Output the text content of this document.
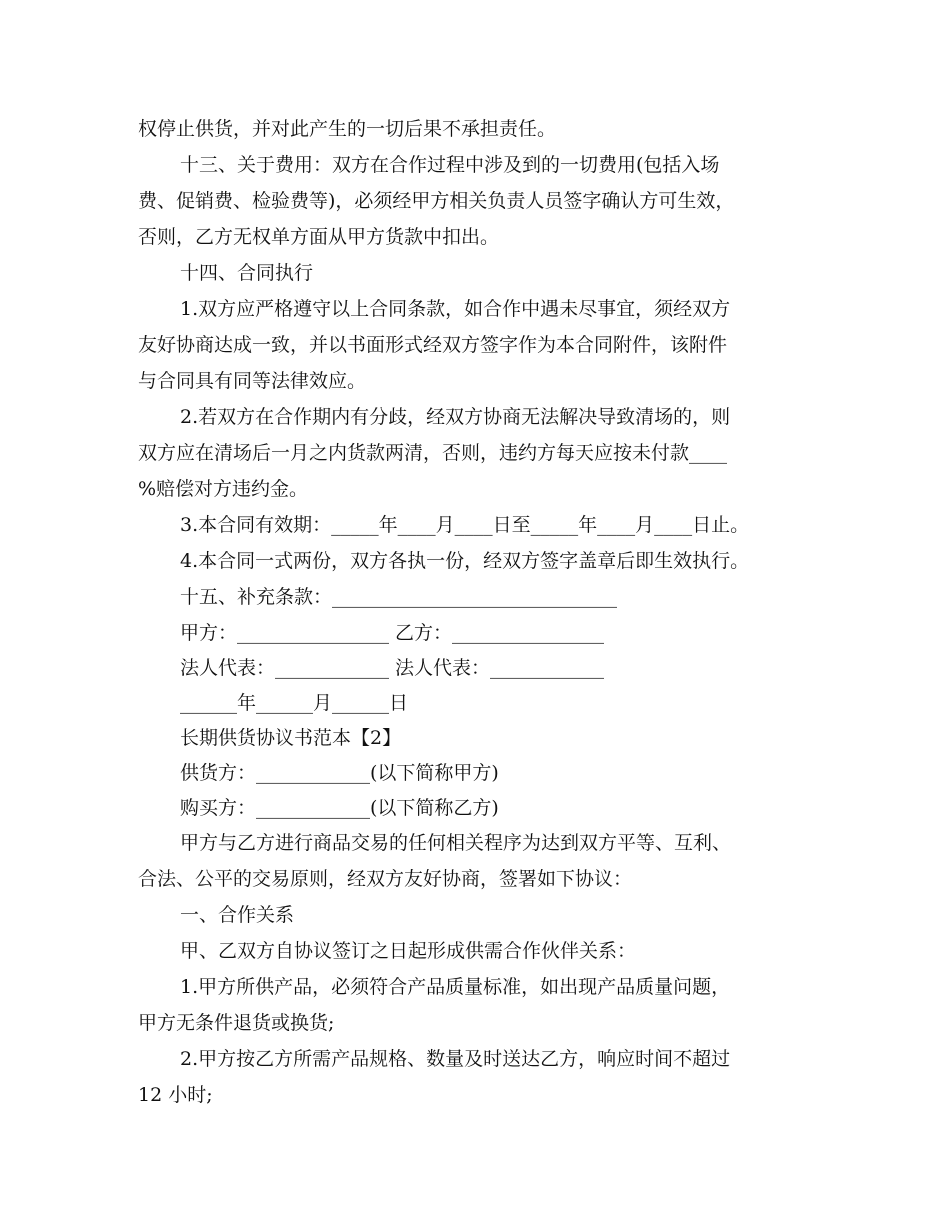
权停止供货，并对此产生的一切后果不承担责任。
十三、关于费用：双方在合作过程中涉及到的一切费用(包括入场
费、促销费、检验费等)，必须经甲方相关负责人员签字确认方可生效，
否则，乙方无权单方面从甲方货款中扣出。
十四、合同执行
1.双方应严格遵守以上合同条款，如合作中遇未尽事宜，须经双方
友好协商达成一致，并以书面形式经双方签字作为本合同附件，该附件
与合同具有同等法律效应。
2.若双方在合作期内有分歧，经双方协商无法解决导致清场的，则
双方应在清场后一月之内货款两清，否则，违约方每天应按未付款____
%赔偿对方违约金。
3.本合同有效期：_____年____月____日至_____年____月____日止。
4.本合同一式两份，双方各执一份，经双方签字盖章后即生效执行。
十五、补充条款：______________________________
甲方：________________ 乙方：________________
法人代表：____________ 法人代表：____________
______年______月______日
长期供货协议书范本【2】
供货方：____________(以下简称甲方)
购买方：____________(以下简称乙方)
甲方与乙方进行商品交易的任何相关程序为达到双方平等、互利、
合法、公平的交易原则，经双方友好协商，签署如下协议：
一、合作关系
甲、乙双方自协议签订之日起形成供需合作伙伴关系：
1.甲方所供产品，必须符合产品质量标准，如出现产品质量问题，
甲方无条件退货或换货;
2.甲方按乙方所需产品规格、数量及时送达乙方，响应时间不超过
12 小时;
